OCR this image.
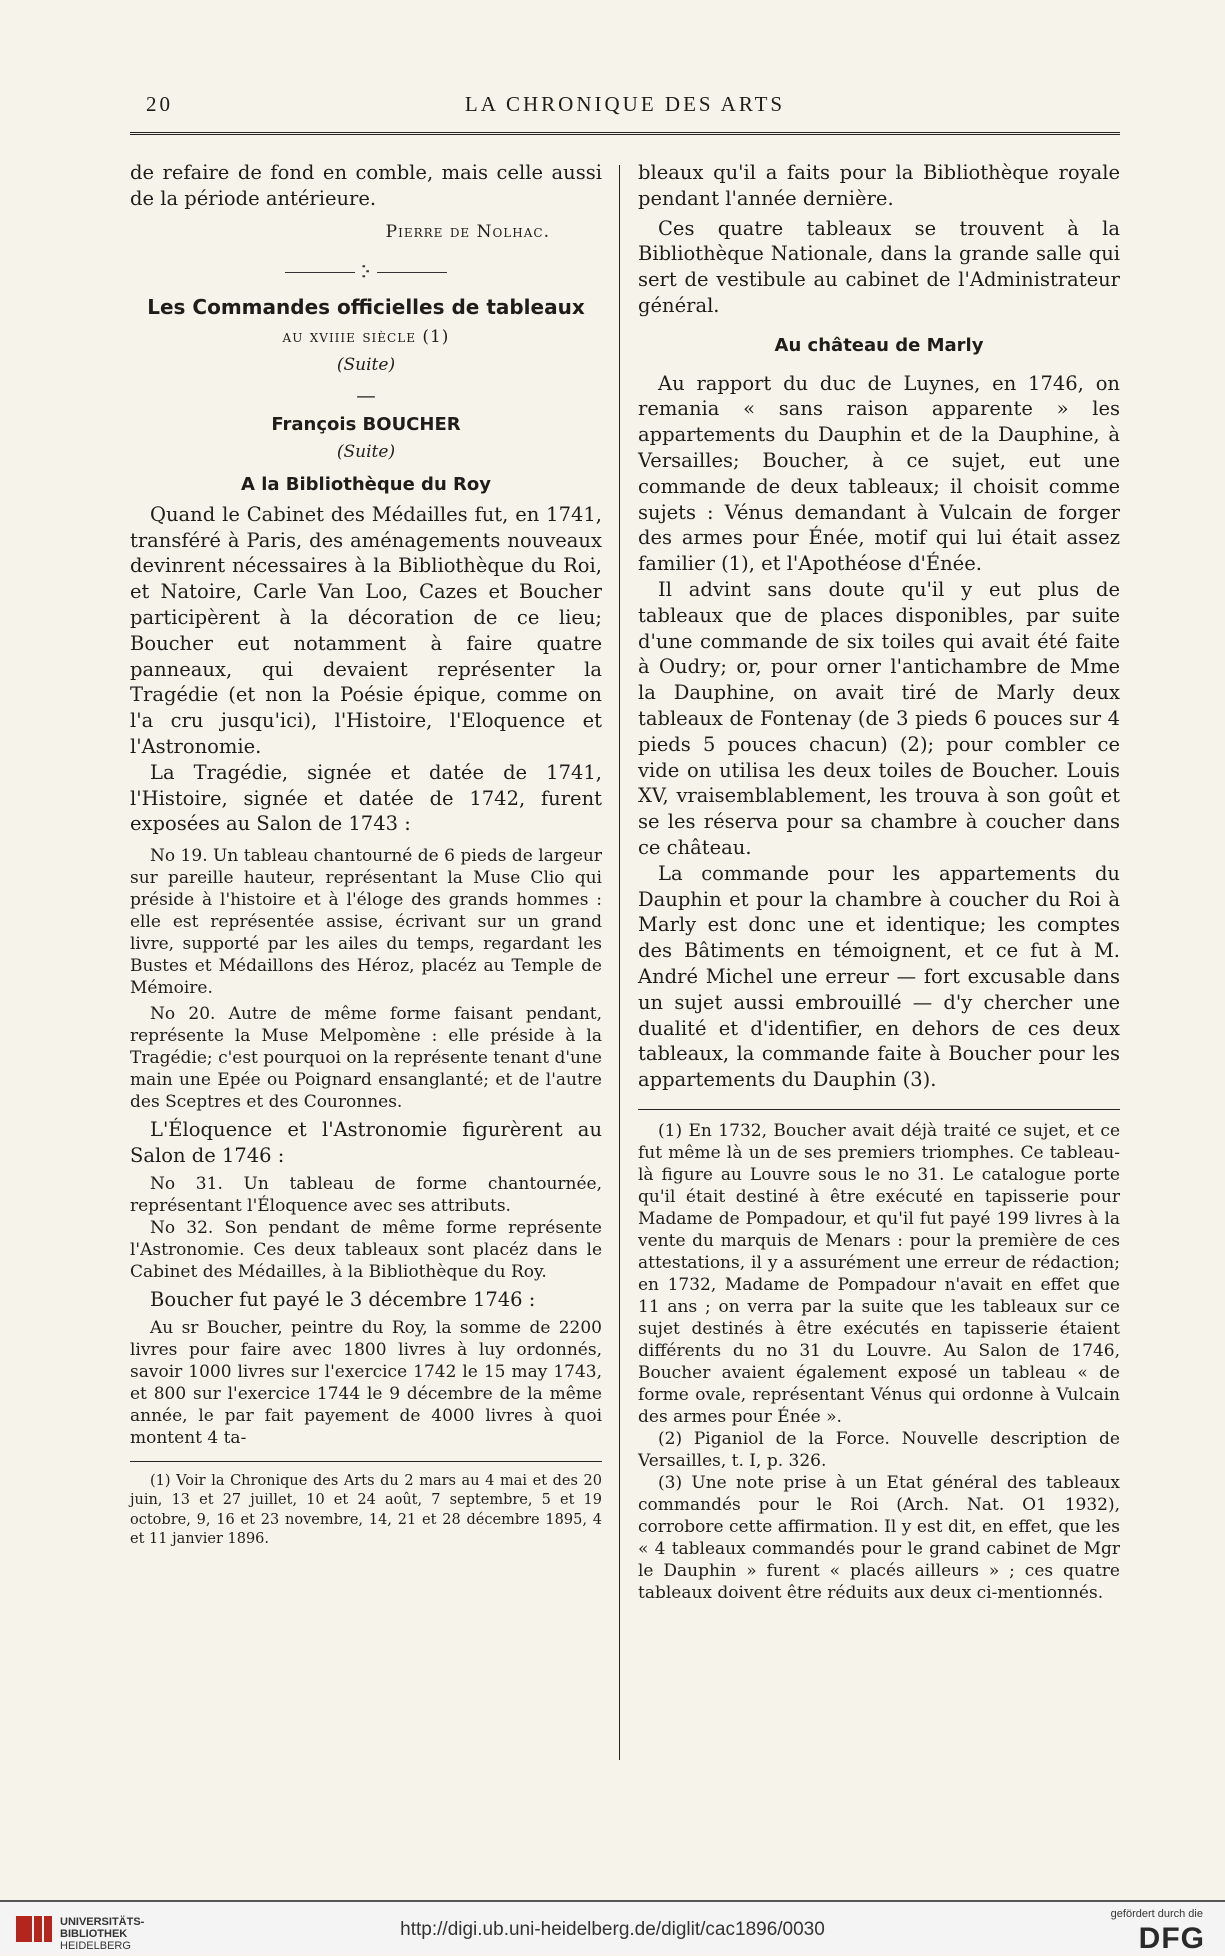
20	LA CHRONIQUE DES ARTS

de refaire de fond en comble, mais celle aussi de la période antérieure.

Pierre de Nolhac.
ⴾ
Les Commandes officielles de tableaux
au xviiie siècle (1)
(Suite)
—
François BOUCHER
(Suite)
A la Bibliothèque du Roy

Quand le Cabinet des Médailles fut, en 1741, transféré à Paris, des aménagements nouveaux devinrent nécessaires à la Bibliothèque du Roi, et Natoire, Carle Van Loo, Cazes et Boucher participèrent à la décoration de ce lieu; Boucher eut notamment à faire quatre panneaux, qui devaient représenter la Tragédie (et non la Poésie épique, comme on l'a cru jusqu'ici), l'Histoire, l'Eloquence et l'Astronomie.

La Tragédie, signée et datée de 1741, l'Histoire, signée et datée de 1742, furent exposées au Salon de 1743 :

No 19. Un tableau chantourné de 6 pieds de largeur sur pareille hauteur, représentant la Muse Clio qui préside à l'histoire et à l'éloge des grands hommes : elle est représentée assise, écrivant sur un grand livre, supporté par les ailes du temps, regardant les Bustes et Médaillons des Héroz, placéz au Temple de Mémoire.

No 20. Autre de même forme faisant pendant, représente la Muse Melpomène : elle préside à la Tragédie; c'est pourquoi on la représente tenant d'une main une Epée ou Poignard ensanglanté; et de l'autre des Sceptres et des Couronnes.

L'Éloquence et l'Astronomie figurèrent au Salon de 1746 :

No 31. Un tableau de forme chantournée, représentant l'Éloquence avec ses attributs.

No 32. Son pendant de même forme représente l'Astronomie. Ces deux tableaux sont placéz dans le Cabinet des Médailles, à la Bibliothèque du Roy.

Boucher fut payé le 3 décembre 1746 :

Au sr Boucher, peintre du Roy, la somme de 2200 livres pour faire avec 1800 livres à luy ordonnés, savoir 1000 livres sur l'exercice 1742 le 15 may 1743, et 800 sur l'exercice 1744 le 9 décembre de la même année, le par fait payement de 4000 livres à quoi montent 4 ta-

(1) Voir la Chronique des Arts du 2 mars au 4 mai et des 20 juin, 13 et 27 juillet, 10 et 24 août, 7 septembre, 5 et 19 octobre, 9, 16 et 23 novembre, 14, 21 et 28 décembre 1895, 4 et 11 janvier 1896.

bleaux qu'il a faits pour la Bibliothèque royale pendant l'année dernière.

Ces quatre tableaux se trouvent à la Bibliothèque Nationale, dans la grande salle qui sert de vestibule au cabinet de l'Administrateur général.

Au château de Marly

Au rapport du duc de Luynes, en 1746, on remania « sans raison apparente » les appartements du Dauphin et de la Dauphine, à Versailles; Boucher, à ce sujet, eut une commande de deux tableaux; il choisit comme sujets : Vénus demandant à Vulcain de forger des armes pour Énée, motif qui lui était assez familier (1), et l'Apothéose d'Énée.

Il advint sans doute qu'il y eut plus de tableaux que de places disponibles, par suite d'une commande de six toiles qui avait été faite à Oudry; or, pour orner l'antichambre de Mme la Dauphine, on avait tiré de Marly deux tableaux de Fontenay (de 3 pieds 6 pouces sur 4 pieds 5 pouces chacun) (2); pour combler ce vide on utilisa les deux toiles de Boucher. Louis XV, vraisemblablement, les trouva à son goût et se les réserva pour sa chambre à coucher dans ce château.

La commande pour les appartements du Dauphin et pour la chambre à coucher du Roi à Marly est donc une et identique; les comptes des Bâtiments en témoignent, et ce fut à M. André Michel une erreur — fort excusable dans un sujet aussi embrouillé — d'y chercher une dualité et d'identifier, en dehors de ces deux tableaux, la commande faite à Boucher pour les appartements du Dauphin (3).

(1) En 1732, Boucher avait déjà traité ce sujet, et ce fut même là un de ses premiers triomphes. Ce tableau-là figure au Louvre sous le no 31. Le catalogue porte qu'il était destiné à être exécuté en tapisserie pour Madame de Pompadour, et qu'il fut payé 199 livres à la vente du marquis de Menars : pour la première de ces attestations, il y a assurément une erreur de rédaction; en 1732, Madame de Pompadour n'avait en effet que 11 ans ; on verra par la suite que les tableaux sur ce sujet destinés à être exécutés en tapisserie étaient différents du no 31 du Louvre. Au Salon de 1746, Boucher avaient également exposé un tableau « de forme ovale, représentant Vénus qui ordonne à Vulcain des armes pour Énée ».

(2) Piganiol de la Force. Nouvelle description de Versailles, t. I, p. 326.

(3) Une note prise à un Etat général des tableaux commandés pour le Roi (Arch. Nat. O1 1932), corrobore cette affirmation. Il y est dit, en effet, que les « 4 tableaux commandés pour le grand cabinet de Mgr le Dauphin » furent « placés ailleurs » ; ces quatre tableaux doivent être réduits aux deux ci-mentionnés.

UNIVERSITÄTS-
BIBLIOTHEK
HEIDELBERG
http://digi.ub.uni-heidelberg.de/diglit/cac1896/0030
gefördert durch die
DFG
